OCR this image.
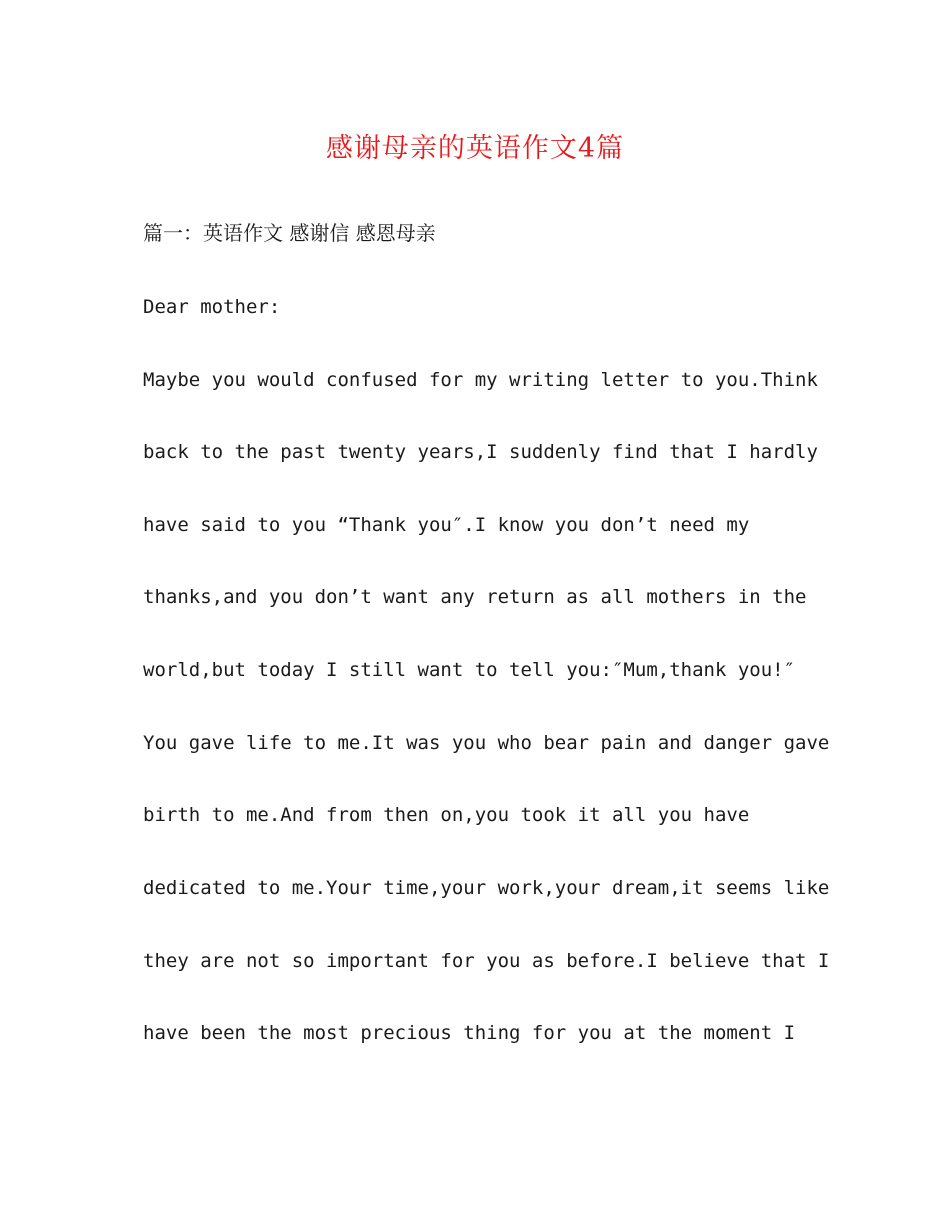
感谢母亲的英语作文4篇
篇一：英语作文 感谢信 感恩母亲
Dear mother:
Maybe you would confused for my writing letter to you.Think
back to the past twenty years,I suddenly find that I hardly
have said to you “Thank you″.I know you don’t need my
thanks,and you don’t want any return as all mothers in the
world,but today I still want to tell you:″Mum,thank you!″
You gave life to me.It was you who bear pain and danger gave
birth to me.And from then on,you took it all you have
dedicated to me.Your time,your work,your dream,it seems like
they are not so important for you as before.I believe that I
have been the most precious thing for you at the moment I
